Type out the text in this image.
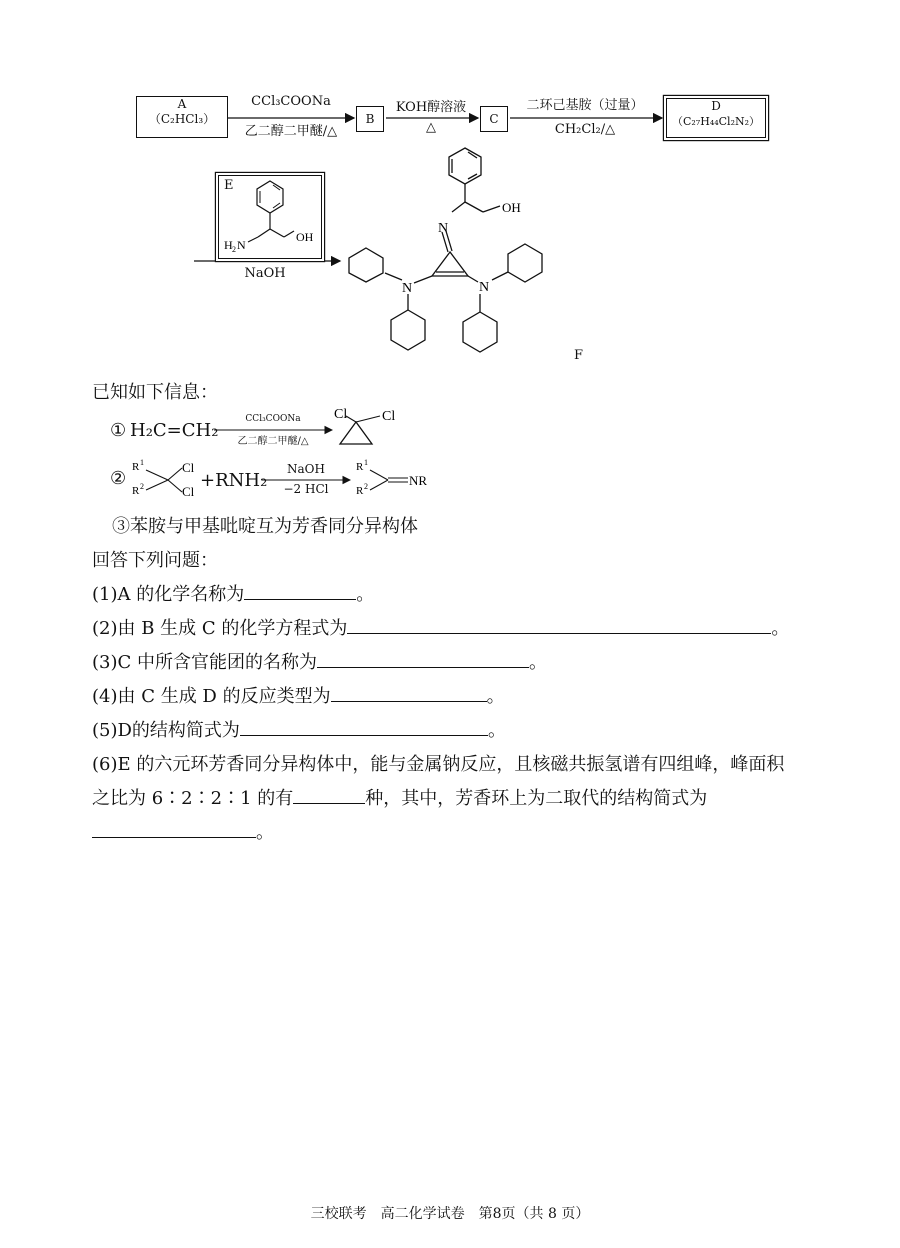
A
（C₂HCl₃）
CCl₃COONa
乙二醇二甲醚/△
B
KOH醇溶液
△
C
二环己基胺（过量）
CH₂Cl₂/△
D
（C₂₇H₄₄Cl₂N₂）
E
H 2 N
OH
NaOH
N
N	N
OH
F
已知如下信息：
① H₂C=CH₂
CCl₃COONa
乙二醇二甲醚/△
Cl Cl
R 1
R 2
Cl
Cl
R 1
R 2	NR
②	+RNH₂
NaOH
−2 HCl
③苯胺与甲基吡啶互为芳香同分异构体
回答下列问题：
(1)A 的化学名称为	。
(2)由 B 生成 C 的化学方程式为	。
(3)C 中所含官能团的名称为	。
(4)由 C 生成 D 的反应类型为	。
(5)D的结构简式为	。
(6)E 的六元环芳香同分异构体中，能与金属钠反应，且核磁共振氢谱有四组峰，峰面积
之比为 6∶2∶2∶1 的有	种，其中，芳香环上为二取代的结构简式为
。
三校联考　高二化学试卷　第8页（共 8 页）
